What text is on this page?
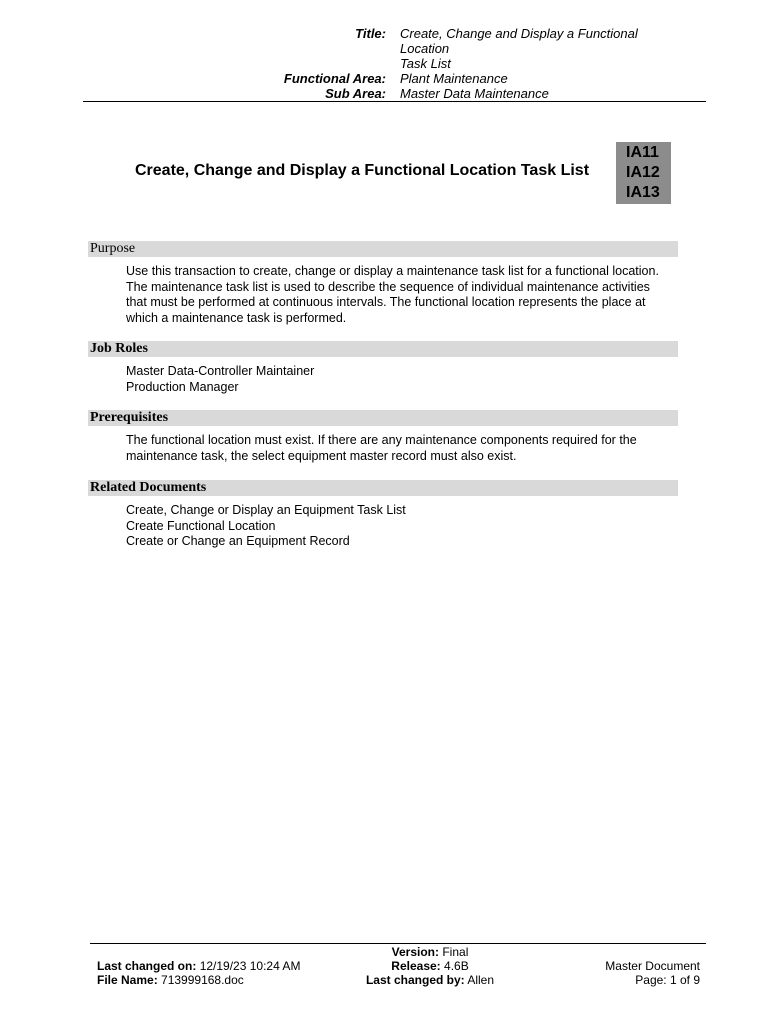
Title:	Create, Change and Display a Functional Location
Task List
Functional Area:	Plant Maintenance
Sub Area:	Master Data Maintenance
Create, Change and Display a Functional Location Task List
IA11
IA12
IA13
Purpose
Use this transaction to create, change or display a maintenance task list for a functional location.
The maintenance task list is used to describe the sequence of individual maintenance activities
that must be performed at continuous intervals. The functional location represents the place at
which a maintenance task is performed.
Job Roles
Master Data-Controller Maintainer
Production Manager
Prerequisites
The functional location must exist. If there are any maintenance components required for the
maintenance task, the select equipment master record must also exist.
Related Documents
Create, Change or Display an Equipment Task List
Create Functional Location
Create or Change an Equipment Record
Last changed on: 12/19/23 10:24 AM
File Name: 713999168.doc
Version: Final
Release: 4.6B
Last changed by: Allen
Master Document
Page: 1 of 9
